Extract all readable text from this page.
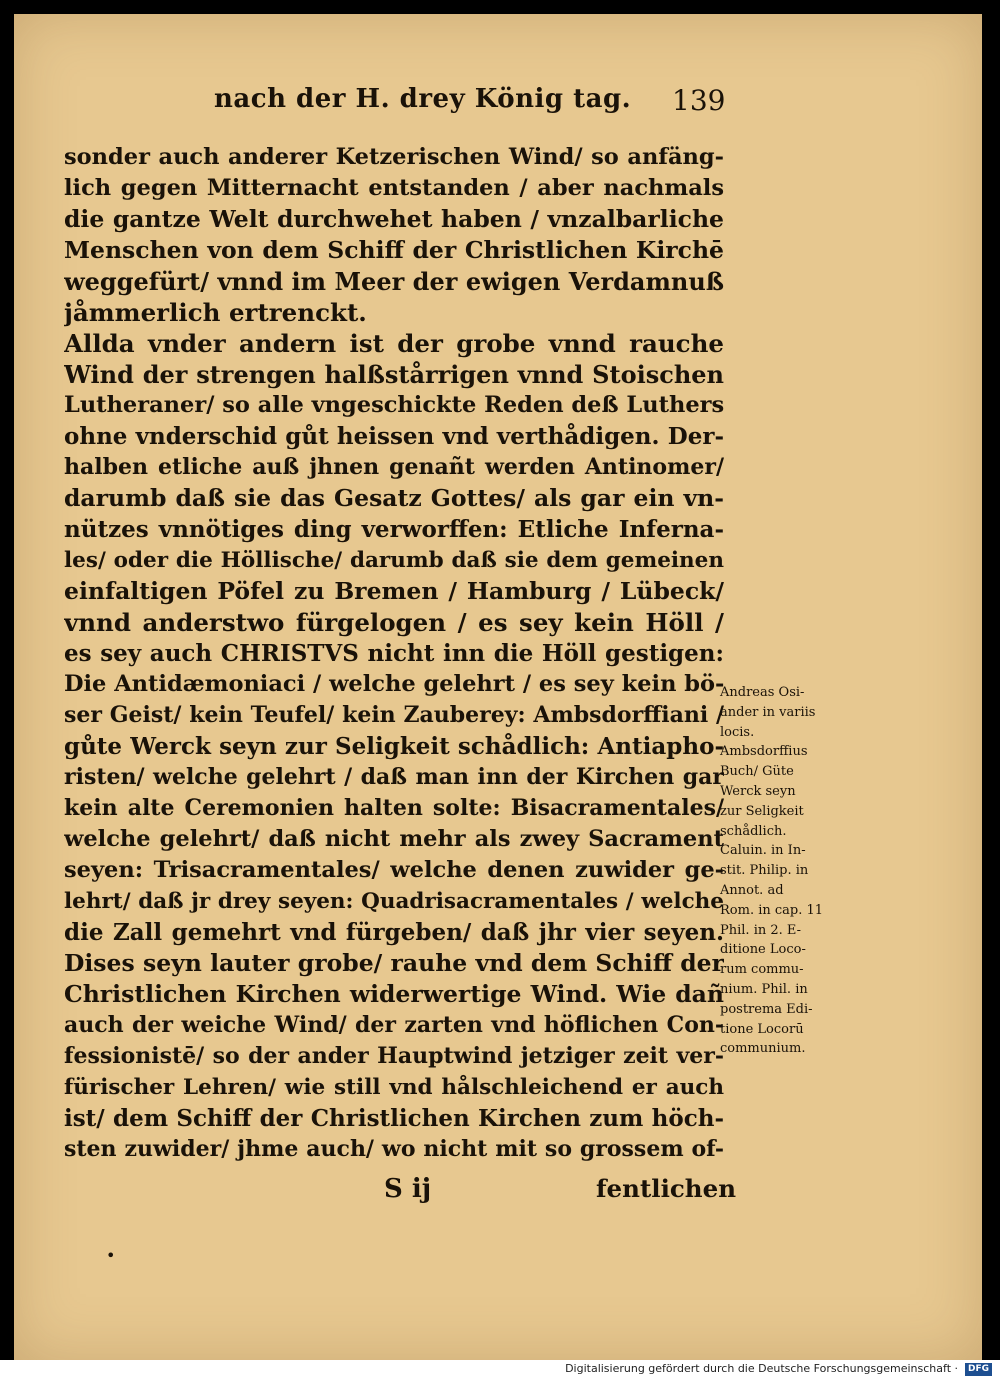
nach der H. drey König tag. 139
sonder auch anderer Ketzerischen Wind/ so anfäng-
lich gegen Mitternacht entstanden / aber nachmals
die gantze Welt durchwehet haben / vnzalbarliche
Menschen von dem Schiff der Christlichen Kirchē
weggefürt/ vnnd im Meer der ewigen Verdamnuß
jåmmerlich ertrenckt.
Allda vnder andern ist der grobe vnnd rauche
Wind der strengen halßstårrigen vnnd Stoischen
Lutheraner/ so alle vngeschickte Reden deß Luthers
ohne vnderschid gůt heissen vnd verthådigen. Der-
halben etliche auß jhnen genañt werden Antinomer/
darumb daß sie das Gesatz Gottes/ als gar ein vn-
nützes vnnötiges ding verworffen: Etliche Inferna-
les/ oder die Höllische/ darumb daß sie dem gemeinen
einfaltigen Pöfel zu Bremen / Hamburg / Lübeck/
vnnd anderstwo fürgelogen / es sey kein Höll /
es sey auch CHRISTVS nicht inn die Höll gestigen:
Die Antidæmoniaci / welche gelehrt / es sey kein bö-
ser Geist/ kein Teufel/ kein Zauberey: Ambsdorffiani /
gůte Werck seyn zur Seligkeit schådlich: Antiapho-
risten/ welche gelehrt / daß man inn der Kirchen gar
kein alte Ceremonien halten solte: Bisacramentales/
welche gelehrt/ daß nicht mehr als zwey Sacrament
seyen: Trisacramentales/ welche denen zuwider ge-
lehrt/ daß jr drey seyen: Quadrisacramentales / welche
die Zall gemehrt vnd fürgeben/ daß jhr vier seyen.
Dises seyn lauter grobe/ rauhe vnd dem Schiff der
Christlichen Kirchen widerwertige Wind. Wie dañ
auch der weiche Wind/ der zarten vnd höflichen Con-
fessionistē/ so der ander Hauptwind jetziger zeit ver-
fürischer Lehren/ wie still vnd hålschleichend er auch
ist/ dem Schiff der Christlichen Kirchen zum höch-
sten zuwider/ jhme auch/ wo nicht mit so grossem of-
Andreas Osi-
ander in variis
locis.
Ambsdorffius
Buch/ Güte
Werck seyn
zur Seligkeit
schådlich.
Caluin. in In-
stit. Philip. in
Annot. ad
Rom. in cap. 11
Phil. in 2. E-
ditione Loco-
rum commu-
nium. Phil. in
postrema Edi-
tione Locorū
communium.
S ij	fentlichen
•
Digitalisierung gefördert durch die Deutsche Forschungsgemeinschaft ·	DFG
